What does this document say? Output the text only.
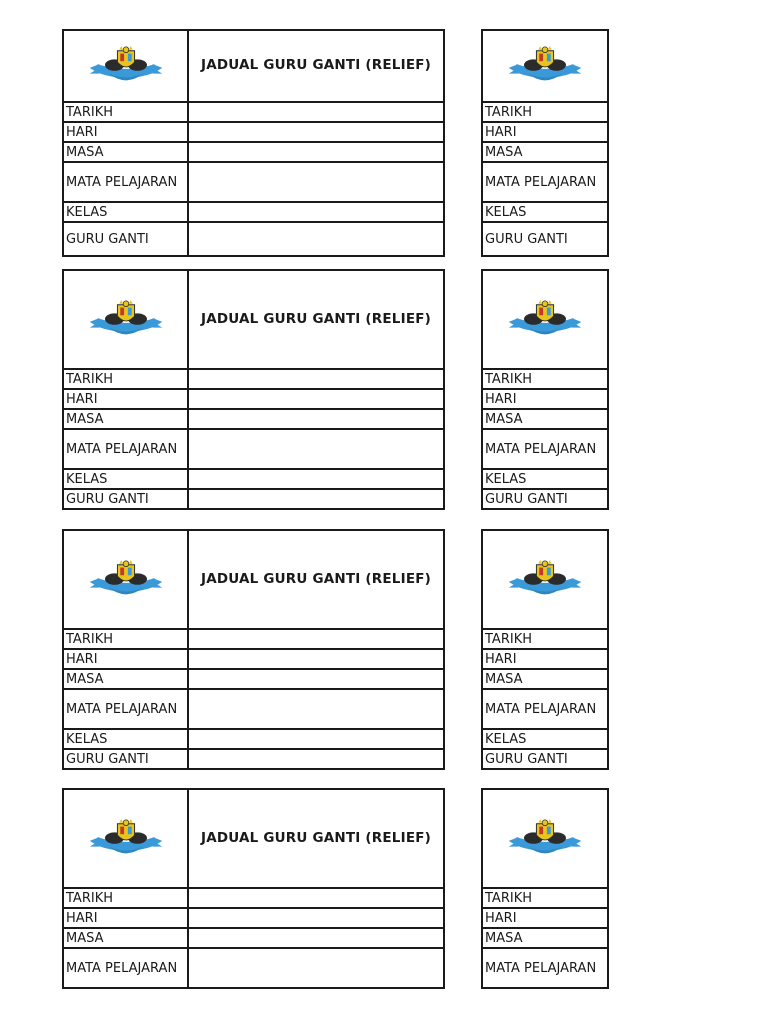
	JADUAL GURU GANTI (RELIEF)
TARIKH	
HARI	
MASA	
MATA PELAJARAN	
KELAS	
GURU GANTI	
	JADUAL GURU GANTI (RELIEF)
TARIKH	
HARI	
MASA	
MATA PELAJARAN	
KELAS	
GURU GANTI	
	JADUAL GURU GANTI (RELIEF)
TARIKH	
HARI	
MASA	
MATA PELAJARAN	
KELAS	
GURU GANTI	
	JADUAL GURU GANTI (RELIEF)
TARIKH	
HARI	
MASA	
MATA PELAJARAN	

TARIKH
HARI
MASA
MATA PELAJARAN
KELAS
GURU GANTI

TARIKH
HARI
MASA
MATA PELAJARAN
KELAS
GURU GANTI

TARIKH
HARI
MASA
MATA PELAJARAN
KELAS
GURU GANTI

TARIKH
HARI
MASA
MATA PELAJARAN
